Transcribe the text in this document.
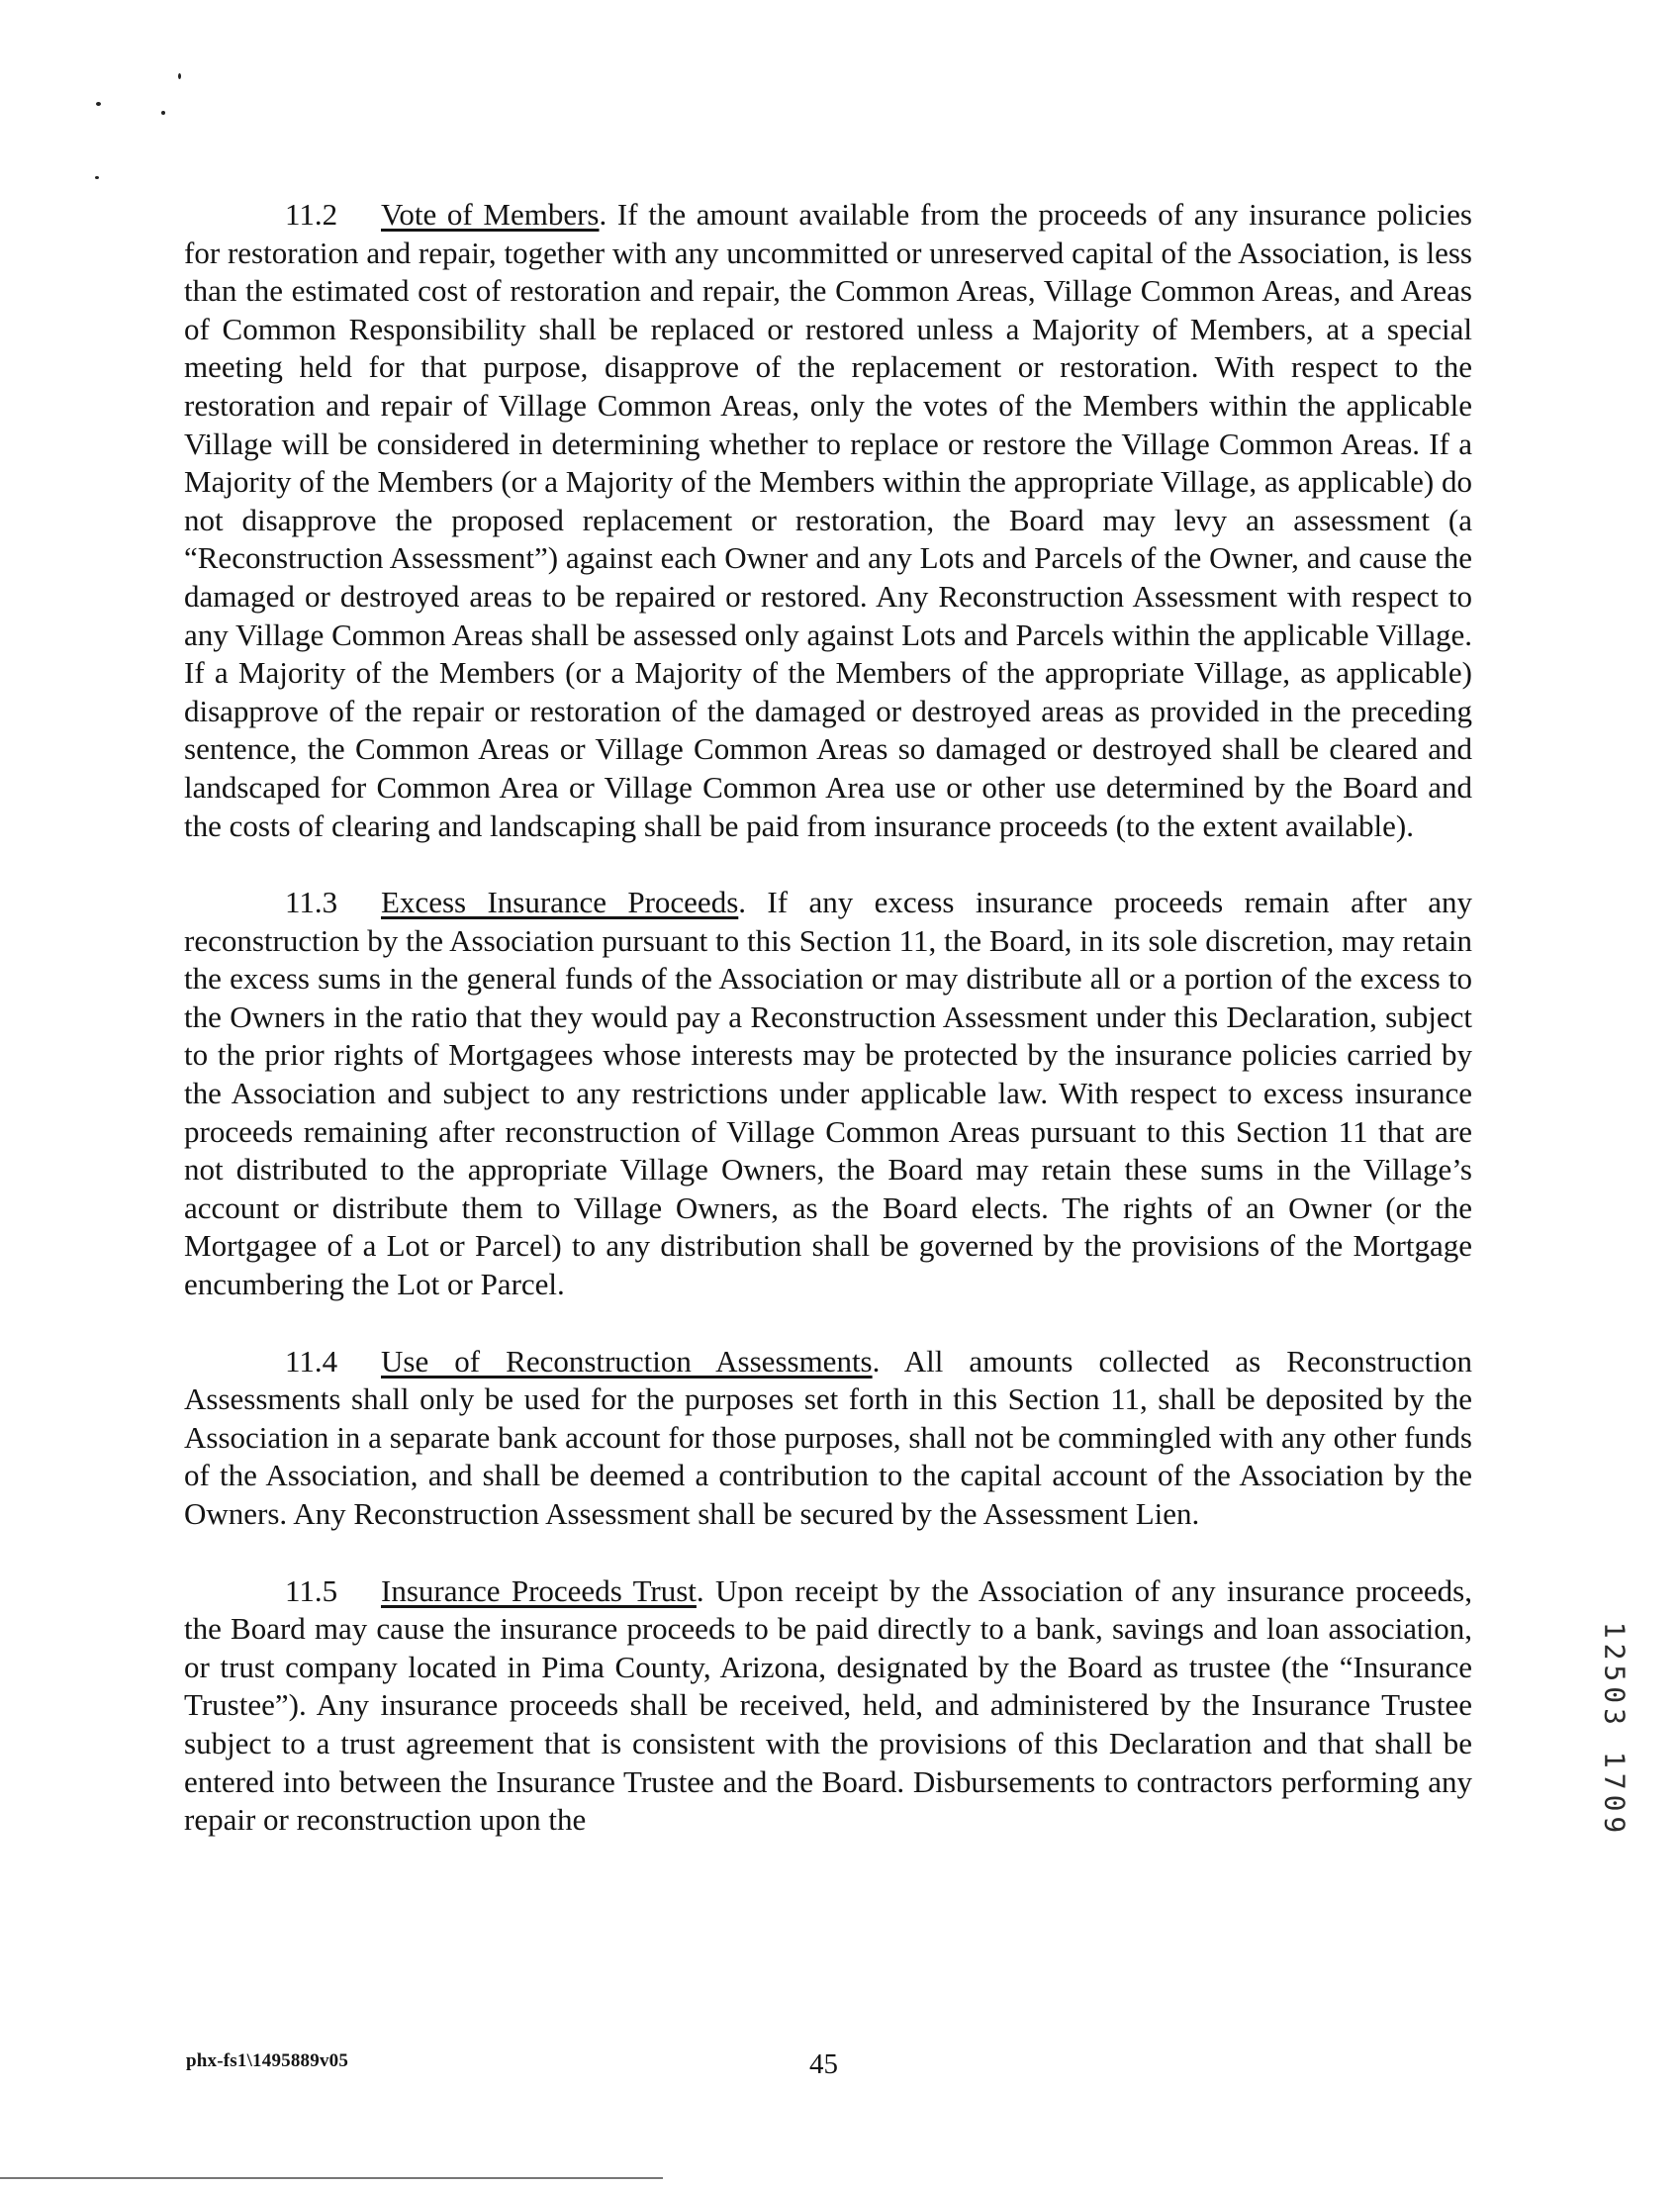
11.2 Vote of Members. If the amount available from the proceeds of any insurance policies for restoration and repair, together with any uncommitted or unreserved capital of the Association, is less than the estimated cost of restoration and repair, the Common Areas, Village Common Areas, and Areas of Common Responsibility shall be replaced or restored unless a Majority of Members, at a special meeting held for that purpose, disapprove of the replacement or restoration. With respect to the restoration and repair of Village Common Areas, only the votes of the Members within the applicable Village will be considered in determining whether to replace or restore the Village Common Areas. If a Majority of the Members (or a Majority of the Members within the appropriate Village, as applicable) do not disapprove the proposed replacement or restoration, the Board may levy an assessment (a “Reconstruction Assessment”) against each Owner and any Lots and Parcels of the Owner, and cause the damaged or destroyed areas to be repaired or restored. Any Reconstruction Assessment with respect to any Village Common Areas shall be assessed only against Lots and Parcels within the applicable Village. If a Majority of the Members (or a Majority of the Members of the appropriate Village, as applicable) disapprove of the repair or restoration of the damaged or destroyed areas as provided in the preceding sentence, the Common Areas or Village Common Areas so damaged or destroyed shall be cleared and landscaped for Common Area or Village Common Area use or other use determined by the Board and the costs of clearing and landscaping shall be paid from insurance proceeds (to the extent available).

11.3 Excess Insurance Proceeds. If any excess insurance proceeds remain after any reconstruction by the Association pursuant to this Section 11, the Board, in its sole discretion, may retain the excess sums in the general funds of the Association or may distribute all or a portion of the excess to the Owners in the ratio that they would pay a Reconstruction Assessment under this Declaration, subject to the prior rights of Mortgagees whose interests may be protected by the insurance policies carried by the Association and subject to any restrictions under applicable law. With respect to excess insurance proceeds remaining after reconstruction of Village Common Areas pursuant to this Section 11 that are not distributed to the appropriate Village Owners, the Board may retain these sums in the Village’s account or distribute them to Village Owners, as the Board elects. The rights of an Owner (or the Mortgagee of a Lot or Parcel) to any distribution shall be governed by the provisions of the Mortgage encumbering the Lot or Parcel.

11.4 Use of Reconstruction Assessments. All amounts collected as Reconstruction Assessments shall only be used for the purposes set forth in this Section 11, shall be deposited by the Association in a separate bank account for those purposes, shall not be commingled with any other funds of the Association, and shall be deemed a contribution to the capital account of the Association by the Owners. Any Reconstruction Assessment shall be secured by the Assessment Lien.

11.5 Insurance Proceeds Trust. Upon receipt by the Association of any insurance proceeds, the Board may cause the insurance proceeds to be paid directly to a bank, savings and loan association, or trust company located in Pima County, Arizona, designated by the Board as trustee (the “Insurance Trustee”). Any insurance proceeds shall be received, held, and administered by the Insurance Trustee subject to a trust agreement that is consistent with the provisions of this Declaration and that shall be entered into between the Insurance Trustee and the Board. Disbursements to contractors performing any repair or reconstruction upon the	12503 1709
phx-fs1\1495889v05	45
